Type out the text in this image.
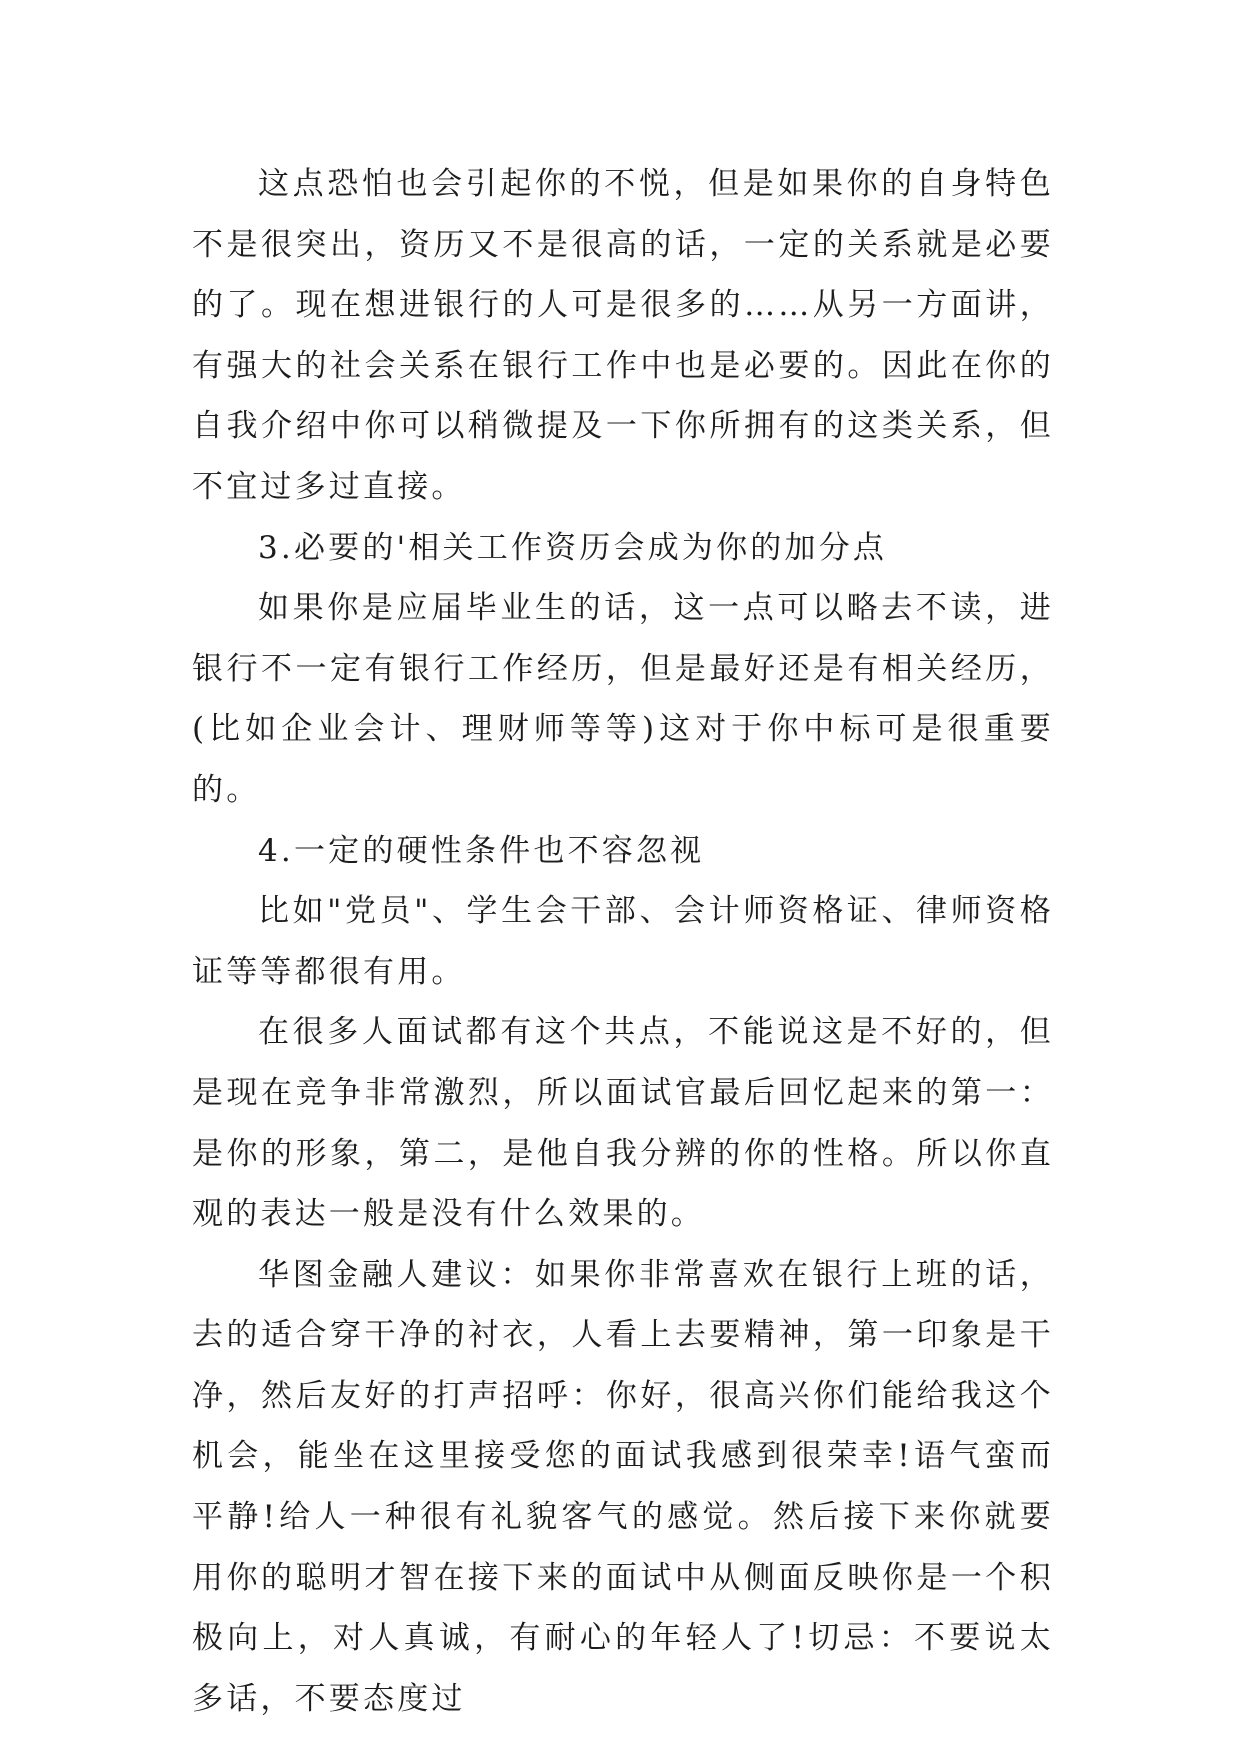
这点恐怕也会引起你的不悦，但是如果你的自身特色不是很突出，资历又不是很高的话，一定的关系就是必要的了。现在想进银行的人可是很多的……从另一方面讲，有强大的社会关系在银行工作中也是必要的。因此在你的自我介绍中你可以稍微提及一下你所拥有的这类关系，但不宜过多过直接。

3.必要的'相关工作资历会成为你的加分点

如果你是应届毕业生的话，这一点可以略去不读，进银行不一定有银行工作经历，但是最好还是有相关经历，(比如企业会计、理财师等等)这对于你中标可是很重要的。

4.一定的硬性条件也不容忽视

比如"党员"、学生会干部、会计师资格证、律师资格证等等都很有用。

在很多人面试都有这个共点，不能说这是不好的，但是现在竞争非常激烈，所以面试官最后回忆起来的第一：是你的形象，第二，是他自我分辨的你的性格。所以你直观的表达一般是没有什么效果的。

华图金融人建议：如果你非常喜欢在银行上班的话，去的适合穿干净的衬衣，人看上去要精神，第一印象是干净，然后友好的打声招呼：你好，很高兴你们能给我这个机会，能坐在这里接受您的面试我感到很荣幸!语气蛮而平静!给人一种很有礼貌客气的感觉。然后接下来你就要用你的聪明才智在接下来的面试中从侧面反映你是一个积极向上，对人真诚，有耐心的年轻人了!切忌：不要说太多话，不要态度过
